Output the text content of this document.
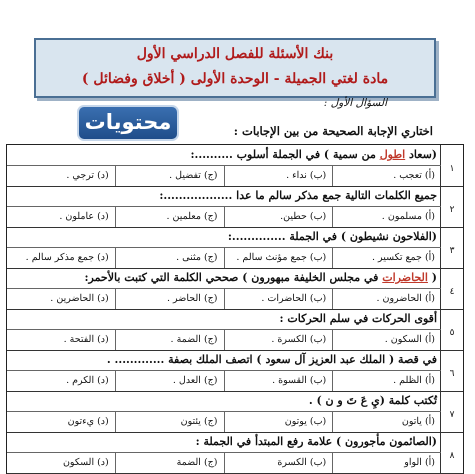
بنك الأسئلة للفصل الدراسي الأول
مادة لغتي الجميلة - الوحدة الأولى ( أخلاق وفضائل )
محتويات
السؤال الأول :
اختاري الإجابة الصحيحة من بين الإجابات :
١
(سعاد اطول من سمية ) في الجملة أسلوب ..........:
(أ) تعجب .
(ب) نداء .
(ج) تفضيل .
(د) ترجي .
٢
جميع الكلمات التالية جمع مذكر سالم ما عدا ..................:
(أ) مسلمون .
(ب) حطين.
(ج) معلمين .
(د) عاملون .
٣
(الفلاحون نشيطون ) في الجملة ..............:
(أ) جمع تكسير .
(ب) جمع مؤنث سالم .
(ج) مثنى .
(د) جمع مذكر سالم .
٤
( الحاضرات في مجلس الخليفة مبهورون ) صححي الكلمة التي كتبت بالأحمر:
(أ) الحاضرون .
(ب) الحاضرات .
(ج) الحاضر .
(د) الحاضرين .
٥
أقوى الحركات في سلم الحركات :
(أ) السكون .
(ب) الكسرة .
(ج) الضمة .
(د) الفتحة .
٦
في قصة ( الملك عبد العزيز آل سعود ) اتصف الملك بصفة ............. .
(أ) الظلم .
(ب) القسوة .
(ج) العدل .
(د) الكرم .
٧
تُكتب كلمة (يِ عَ تَ و ن ) .
(أ) ياتون
(ب) يوتون
(ج) يئتون
(د) يءتون
٨
(الصائمون مأجورون ) علامة رفع المبتدأ في الجملة :
(أ) الواو
(ب) الكسرة
(ج) الضمة
(د) السكون
